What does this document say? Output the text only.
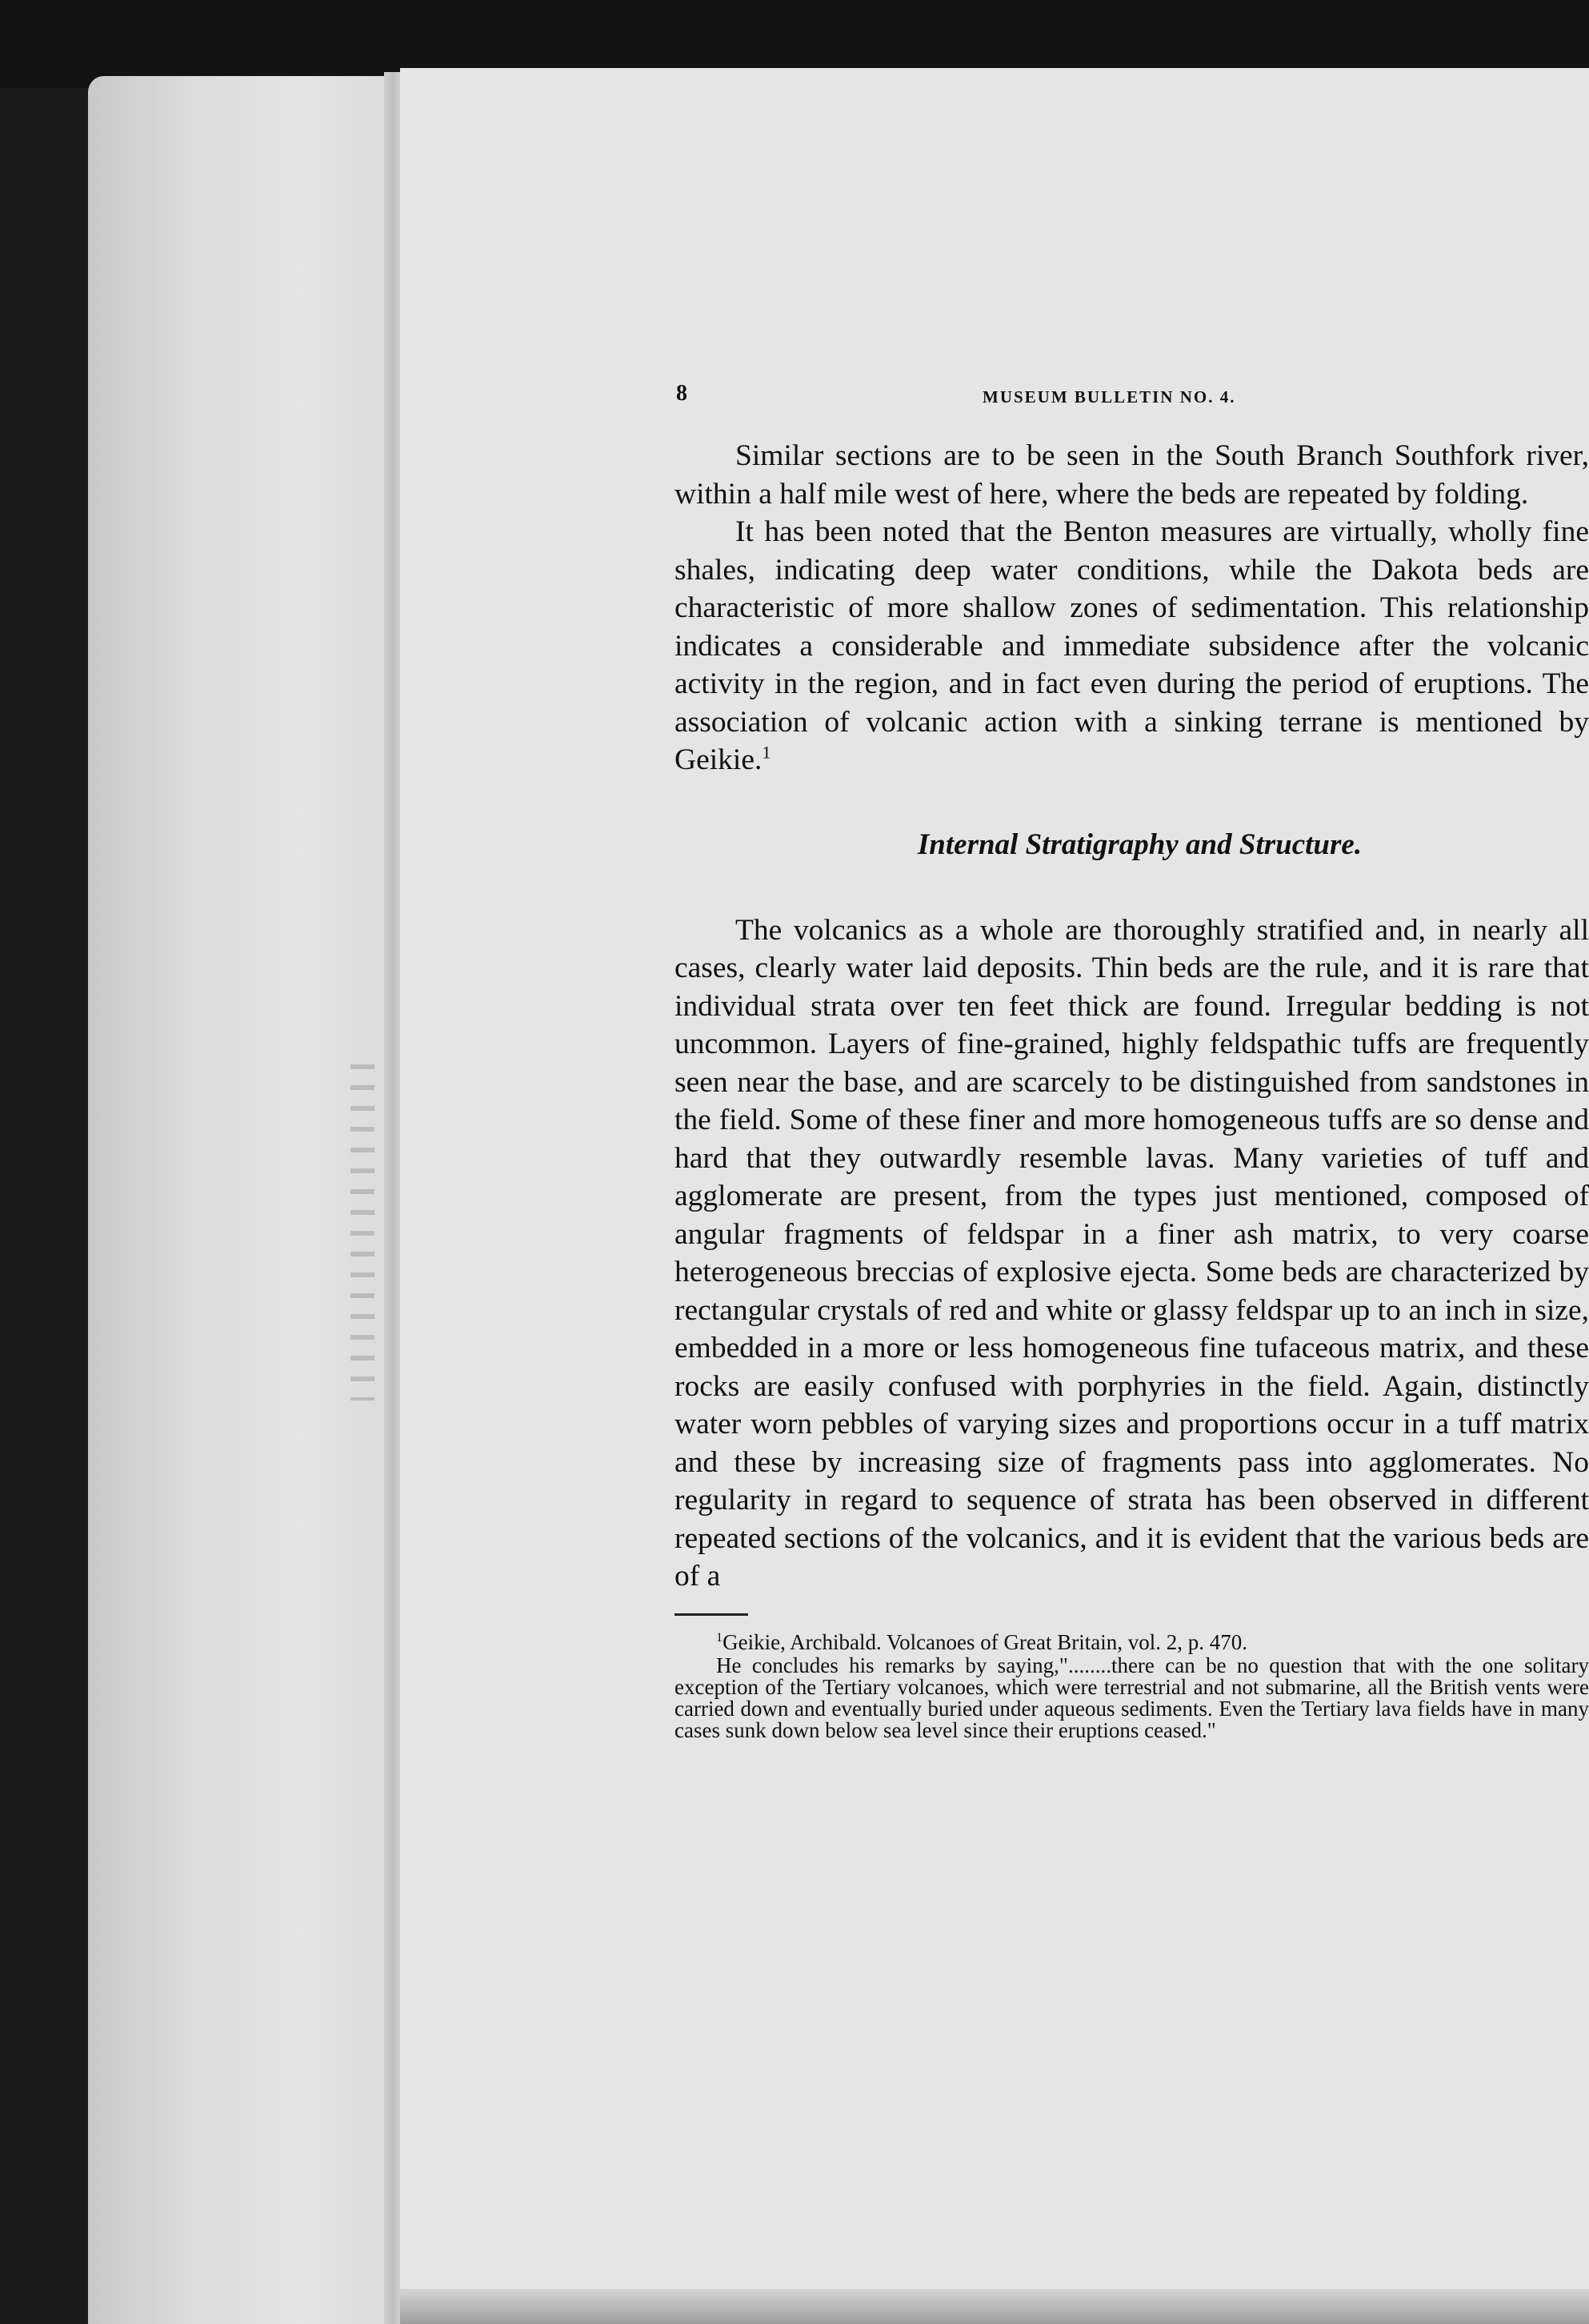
8	MUSEUM BULLETIN NO. 4.

Similar sections are to be seen in the South Branch Southfork river, within a half mile west of here, where the beds are repeated by folding.

It has been noted that the Benton measures are virtually, wholly fine shales, indicating deep water conditions, while the Dakota beds are characteristic of more shallow zones of sedimentation. This relationship indicates a considerable and immediate subsidence after the volcanic activity in the region, and in fact even during the period of eruptions. The association of volcanic action with a sinking terrane is mentioned by Geikie.$^1$

Internal Stratigraphy and Structure.

The volcanics as a whole are thoroughly stratified and, in nearly all cases, clearly water laid deposits. Thin beds are the rule, and it is rare that individual strata over ten feet thick are found. Irregular bedding is not uncommon. Layers of fine-grained, highly feldspathic tuffs are frequently seen near the base, and are scarcely to be distinguished from sandstones in the field. Some of these finer and more homogeneous tuffs are so dense and hard that they outwardly resemble lavas. Many varieties of tuff and agglomerate are present, from the types just mentioned, composed of angular fragments of feldspar in a finer ash matrix, to very coarse heterogeneous breccias of explosive ejecta. Some beds are characterized by rectangular crystals of red and white or glassy feldspar up to an inch in size, embedded in a more or less homogeneous fine tufaceous matrix, and these rocks are easily confused with porphyries in the field. Again, distinctly water worn pebbles of varying sizes and proportions occur in a tuff matrix and these by increasing size of fragments pass into agglomerates. No regularity in regard to sequence of strata has been observed in different repeated sections of the volcanics, and it is evident that the various beds are of a

$^1$Geikie, Archibald. Volcanoes of Great Britain, vol. 2, p. 470.

He concludes his remarks by saying,"........there can be no question that with the one solitary exception of the Tertiary volcanoes, which were terrestrial and not submarine, all the British vents were carried down and eventually buried under aqueous sediments. Even the Tertiary lava fields have in many cases sunk down below sea level since their eruptions ceased."
